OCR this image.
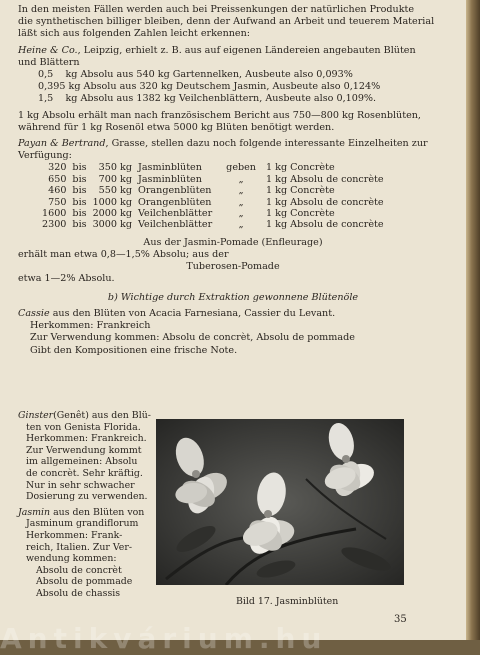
In den meisten Fällen werden auch bei Preissenkungen der natürlichen Produkte

die synthetischen billiger bleiben, denn der Aufwand an Arbeit und teuerem Material

läßt sich aus folgenden Zahlen leicht erkennen:

Heine & Co., Leipzig, erhielt z. B. aus auf eigenen Ländereien angebauten Blüten

und Blättern

0,5    kg Absolu aus 540 kg Gartennelken, Ausbeute also 0,093%

0,395 kg Absolu aus 320 kg Deutschem Jasmin, Ausbeute also 0,124%

1,5    kg Absolu aus 1382 kg Veilchenblättern, Ausbeute also 0,109%.

1 kg Absolu erhält man nach französischem Bericht aus 750—800 kg Rosenblüten,

während für 1 kg Rosenöl etwa 5000 kg Blüten benötigt werden.

Payan & Bertrand, Grasse, stellen dazu noch folgende interessante Einzelheiten zur

Verfügung:

320	bis	350 kg	Jasminblüten	geben	1 kg Concrète
650	bis	700 kg	Jasminblüten	„	1 kg Absolu de concrète
460	bis	550 kg	Orangenblüten	„	1 kg Concrète
750	bis	1000 kg	Orangenblüten	„	1 kg Absolu de concrète
1600	bis	2000 kg	Veilchenblätter	„	1 kg Concrète
2300	bis	3000 kg	Veilchenblätter	„	1 kg Absolu de concrète

Aus der Jasmin-Pomade (Enfleurage)

erhält man etwa 0,8—1,5% Absolu; aus der

Tuberosen-Pomade

etwa 1—2% Absolu.

b) Wichtige durch Extraktion gewonnene Blütenöle

Cassie aus den Blüten von Acacia Farnesiana, Cassier du Levant.

Herkommen: Frankreich

Zur Verwendung kommen: Absolu de concrèt, Absolu de pommade

Gibt den Kompositionen eine frische Note.

Ginster(Genêt) aus den Blü-

ten von Genista Florida.

Herkommen: Frankreich.

Zur Verwendung kommt

im allgemeinen: Absolu

de concrèt. Sehr kräftig.

Nur in sehr schwacher

Dosierung zu verwenden.

Jasmin aus den Blüten von

Jasminum grandiflorum

Herkommen: Frank-

reich, Italien. Zur Ver-

wendung kommen:

Absolu de concrèt

Absolu de pommade

Absolu de chassis

Bild 17. Jasminblüten
35
Antikvárium.hu
